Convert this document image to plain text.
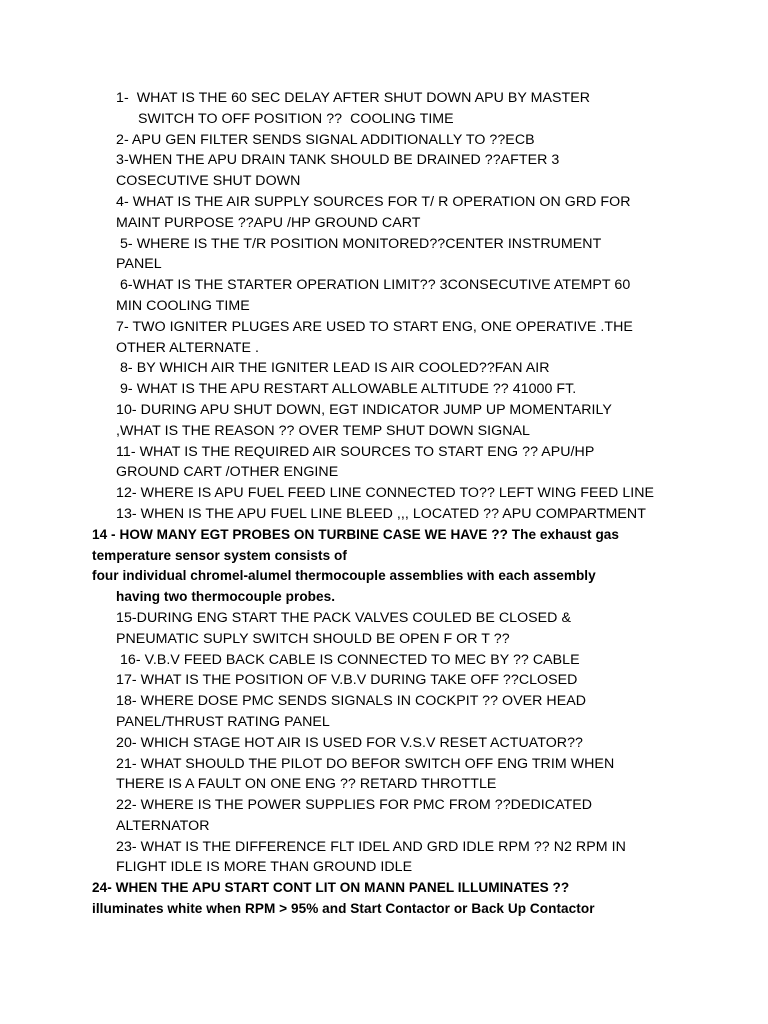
1-  WHAT IS THE 60 SEC DELAY AFTER SHUT DOWN APU BY MASTER
SWITCH TO OFF POSITION ??  COOLING TIME
2- APU GEN FILTER SENDS SIGNAL ADDITIONALLY TO ??ECB
3-WHEN THE APU DRAIN TANK SHOULD BE DRAINED ??AFTER 3
COSECUTIVE SHUT DOWN
4- WHAT IS THE AIR SUPPLY SOURCES FOR T/ R OPERATION ON GRD FOR
MAINT PURPOSE ??APU /HP GROUND CART
5- WHERE IS THE T/R POSITION MONITORED??CENTER INSTRUMENT
PANEL
6-WHAT IS THE STARTER OPERATION LIMIT?? 3CONSECUTIVE ATEMPT 60
MIN COOLING TIME
7- TWO IGNITER PLUGES ARE USED TO START ENG, ONE OPERATIVE .THE
OTHER ALTERNATE .
8- BY WHICH AIR THE IGNITER LEAD IS AIR COOLED??FAN AIR
9- WHAT IS THE APU RESTART ALLOWABLE ALTITUDE ?? 41000 FT.
10- DURING APU SHUT DOWN, EGT INDICATOR JUMP UP MOMENTARILY
,WHAT IS THE REASON ?? OVER TEMP SHUT DOWN SIGNAL
11- WHAT IS THE REQUIRED AIR SOURCES TO START ENG ?? APU/HP
GROUND CART /OTHER ENGINE
12- WHERE IS APU FUEL FEED LINE CONNECTED TO?? LEFT WING FEED LINE
13- WHEN IS THE APU FUEL LINE BLEED ,,, LOCATED ?? APU COMPARTMENT
14 - HOW MANY EGT PROBES ON TURBINE CASE WE HAVE ?? The exhaust gas
temperature sensor system consists of
four individual chromel-alumel thermocouple assemblies with each assembly
having two thermocouple probes.
15-DURING ENG START THE PACK VALVES COULED BE CLOSED &
PNEUMATIC SUPLY SWITCH SHOULD BE OPEN F OR T ??
16- V.B.V FEED BACK CABLE IS CONNECTED TO MEC BY ?? CABLE
17- WHAT IS THE POSITION OF V.B.V DURING TAKE OFF ??CLOSED
18- WHERE DOSE PMC SENDS SIGNALS IN COCKPIT ?? OVER HEAD
PANEL/THRUST RATING PANEL
20- WHICH STAGE HOT AIR IS USED FOR V.S.V RESET ACTUATOR??
21- WHAT SHOULD THE PILOT DO BEFOR SWITCH OFF ENG TRIM WHEN
THERE IS A FAULT ON ONE ENG ?? RETARD THROTTLE
22- WHERE IS THE POWER SUPPLIES FOR PMC FROM ??DEDICATED
ALTERNATOR
23- WHAT IS THE DIFFERENCE FLT IDEL AND GRD IDLE RPM ?? N2 RPM IN
FLIGHT IDLE IS MORE THAN GROUND IDLE
24- WHEN THE APU START CONT LIT ON MANN PANEL ILLUMINATES ??
illuminates white when RPM > 95% and Start Contactor or Back Up Contactor
